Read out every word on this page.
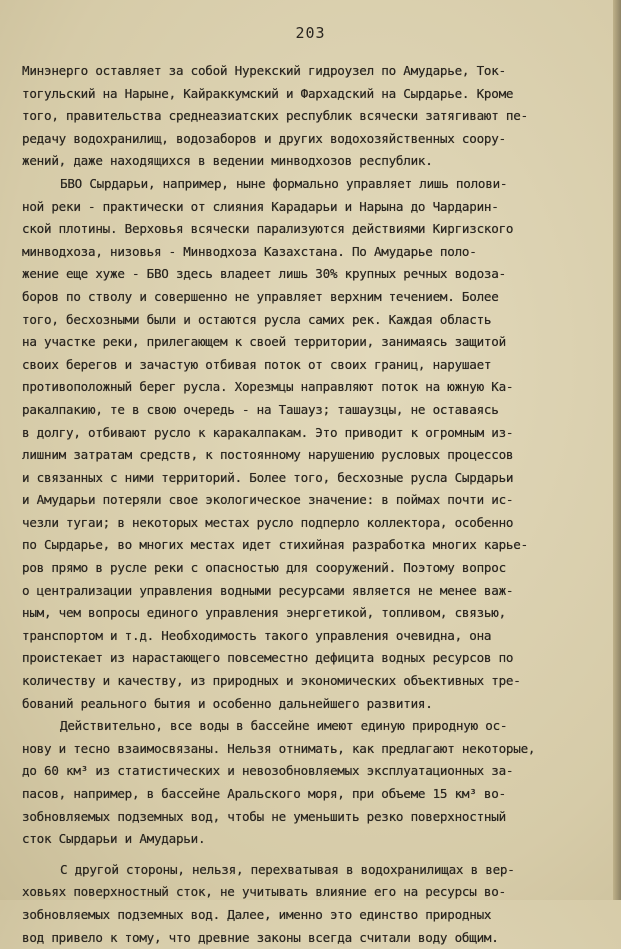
203
Минэнерго оставляет за собой Нурекский гидроузел по Амударье, Ток-
тогульский на Нарыне, Кайраккумский и Фархадский на Сырдарье. Кроме
того, правительства среднеазиатских республик всячески затягивают пе-
редачу водохранилищ, водозаборов и других водохозяйственных соору-
жений, даже находящихся в ведении минводхозов республик.
БВО Сырдарьи, например, ныне формально управляет лишь полови-
ной реки - практически от слияния Карадарьи и Нарына до Чардарин-
ской плотины. Верховья всячески парализуются действиями Киргизского
минводхоза, низовья - Минводхоза Казахстана. По Амударье поло-
жение еще хуже - БВО здесь владеет лишь 30% крупных речных водоза-
боров по стволу и совершенно не управляет верхним течением. Более
того, бесхозными были и остаются русла самих рек. Каждая область
на участке реки, прилегающем к своей территории, занимаясь защитой
своих берегов и зачастую отбивая поток от своих границ, нарушает
противоположный берег русла. Хорезмцы направляют поток на южную Ка-
ракалпакию, те в свою очередь - на Ташауз; ташаузцы, не оставаясь
в долгу, отбивают русло к каракалпакам. Это приводит к огромным из-
лишним затратам средств, к постоянному нарушению русловых процессов
и связанных с ними территорий. Более того, бесхозные русла Сырдарьи
и Амударьи потеряли свое экологическое значение: в поймах почти ис-
чезли тугаи; в некоторых местах русло подперло коллектора, особенно
по Сырдарье, во многих местах идет стихийная разработка многих карье-
ров прямо в русле реки с опасностью для сооружений. Поэтому вопрос
о централизации управления водными ресурсами является не менее важ-
ным, чем вопросы единого управления энергетикой, топливом, связью,
транспортом и т.д. Необходимость такого управления очевидна, она
проистекает из нарастающего повсеместно дефицита водных ресурсов по
количеству и качеству, из природных и экономических объективных тре-
бований реального бытия и особенно дальнейшего развития.
Действительно, все воды в бассейне имеют единую природную ос-
нову и тесно взаимосвязаны. Нельзя отнимать, как предлагают некоторые,
до 60 км³ из статистических и невозобновляемых эксплуатационных за-
пасов, например, в бассейне Аральского моря, при объеме 15 км³ во-
зобновляемых подземных вод, чтобы не уменьшить резко поверхностный
сток Сырдарьи и Амударьи.
С другой стороны, нельзя, перехватывая в водохранилищах в вер-
ховьях поверхностный сток, не учитывать влияние его на ресурсы во-
зобновляемых подземных вод. Далее, именно это единство природных
вод привело к тому, что древние законы всегда считали воду общим.
